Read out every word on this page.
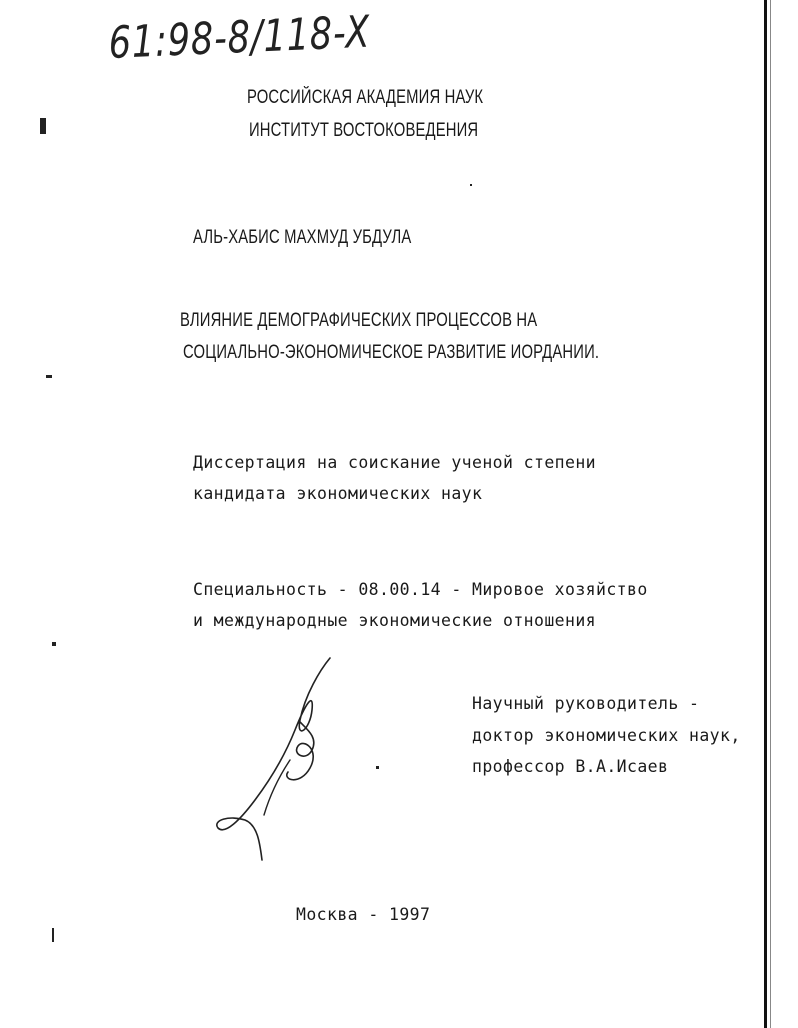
61:98-8/118-X
РОССИЙСКАЯ АКАДЕМИЯ НАУК
ИНСТИТУТ ВОСТОКОВЕДЕНИЯ
АЛЬ-ХАБИС МАХМУД УБДУЛА
ВЛИЯНИЕ ДЕМОГРАФИЧЕСКИХ ПРОЦЕССОВ НА
СОЦИАЛЬНО-ЭКОНОМИЧЕСКОЕ РАЗВИТИЕ ИОРДАНИИ.
Диссертация на соискание ученой степени
кандидата экономических наук
Специальность - 08.00.14 - Мировое хозяйство
и международные экономические отношения
Научный руководитель -
доктор экономических наук,
профессор В.А.Исаев
Москва - 1997
